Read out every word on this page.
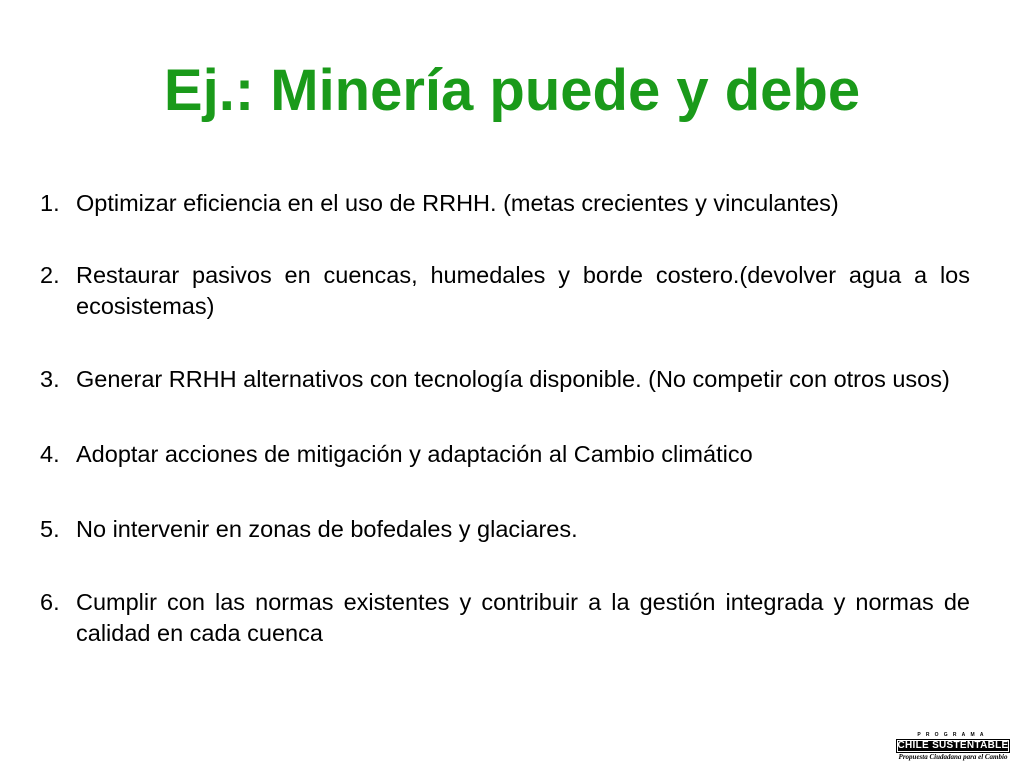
Ej.: Minería puede y debe
1. Optimizar eficiencia en el uso de RRHH. (metas crecientes y vinculantes)
2. Restaurar pasivos en cuencas, humedales y borde costero.(devolver agua a los ecosistemas)
3. Generar RRHH alternativos con tecnología disponible. (No competir con otros usos)
4. Adoptar acciones de mitigación y adaptación al Cambio climático
5. No intervenir en zonas de bofedales y glaciares.
6. Cumplir con las normas existentes y contribuir a la gestión integrada y normas de calidad en cada cuenca
PROGRAMA
CHILE SUSTENTABLE
Propuesta Ciudadana para el Cambio
